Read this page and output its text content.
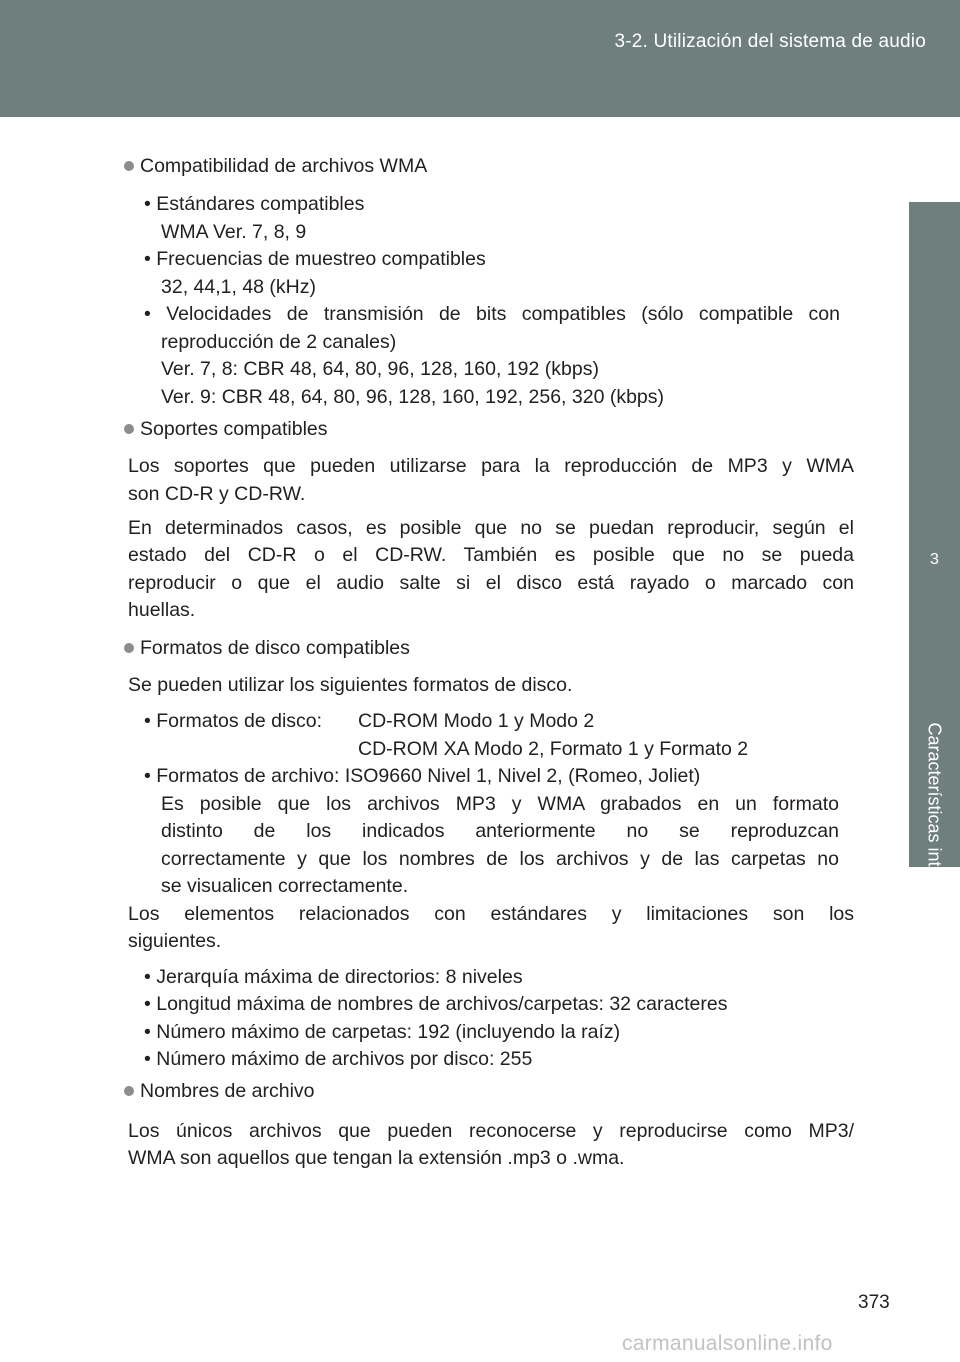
3-2. Utilización del sistema de audio
3
Características interiores
Compatibilidad de archivos WMA
• Estándares compatibles
WMA Ver. 7, 8, 9
• Frecuencias de muestreo compatibles
32, 44,1, 48 (kHz)
• Velocidades de transmisión de bits compatibles (sólo compatible con
reproducción de 2 canales)
Ver. 7, 8: CBR 48, 64, 80, 96, 128, 160, 192 (kbps)
Ver. 9: CBR 48, 64, 80, 96, 128, 160, 192, 256, 320 (kbps)
Soportes compatibles
Los soportes que pueden utilizarse para la reproducción de MP3 y WMA
son CD-R y CD-RW.
En determinados casos, es posible que no se puedan reproducir, según el
estado del CD-R o el CD-RW. También es posible que no se pueda
reproducir o que el audio salte si el disco está rayado o marcado con
huellas.
Formatos de disco compatibles
Se pueden utilizar los siguientes formatos de disco.
• Formatos de disco:	CD-ROM Modo 1 y Modo 2
CD-ROM XA Modo 2, Formato 1 y Formato 2
• Formatos de archivo: ISO9660 Nivel 1, Nivel 2, (Romeo, Joliet)
Es posible que los archivos MP3 y WMA grabados en un formato
distinto de los indicados anteriormente no se reproduzcan
correctamente y que los nombres de los archivos y de las carpetas no
se visualicen correctamente.
Los elementos relacionados con estándares y limitaciones son los
siguientes.
• Jerarquía máxima de directorios: 8 niveles
• Longitud máxima de nombres de archivos/carpetas: 32 caracteres
• Número máximo de carpetas: 192 (incluyendo la raíz)
• Número máximo de archivos por disco: 255
Nombres de archivo
Los únicos archivos que pueden reconocerse y reproducirse como MP3/
WMA son aquellos que tengan la extensión .mp3 o .wma.
373
carmanualsonline.info
